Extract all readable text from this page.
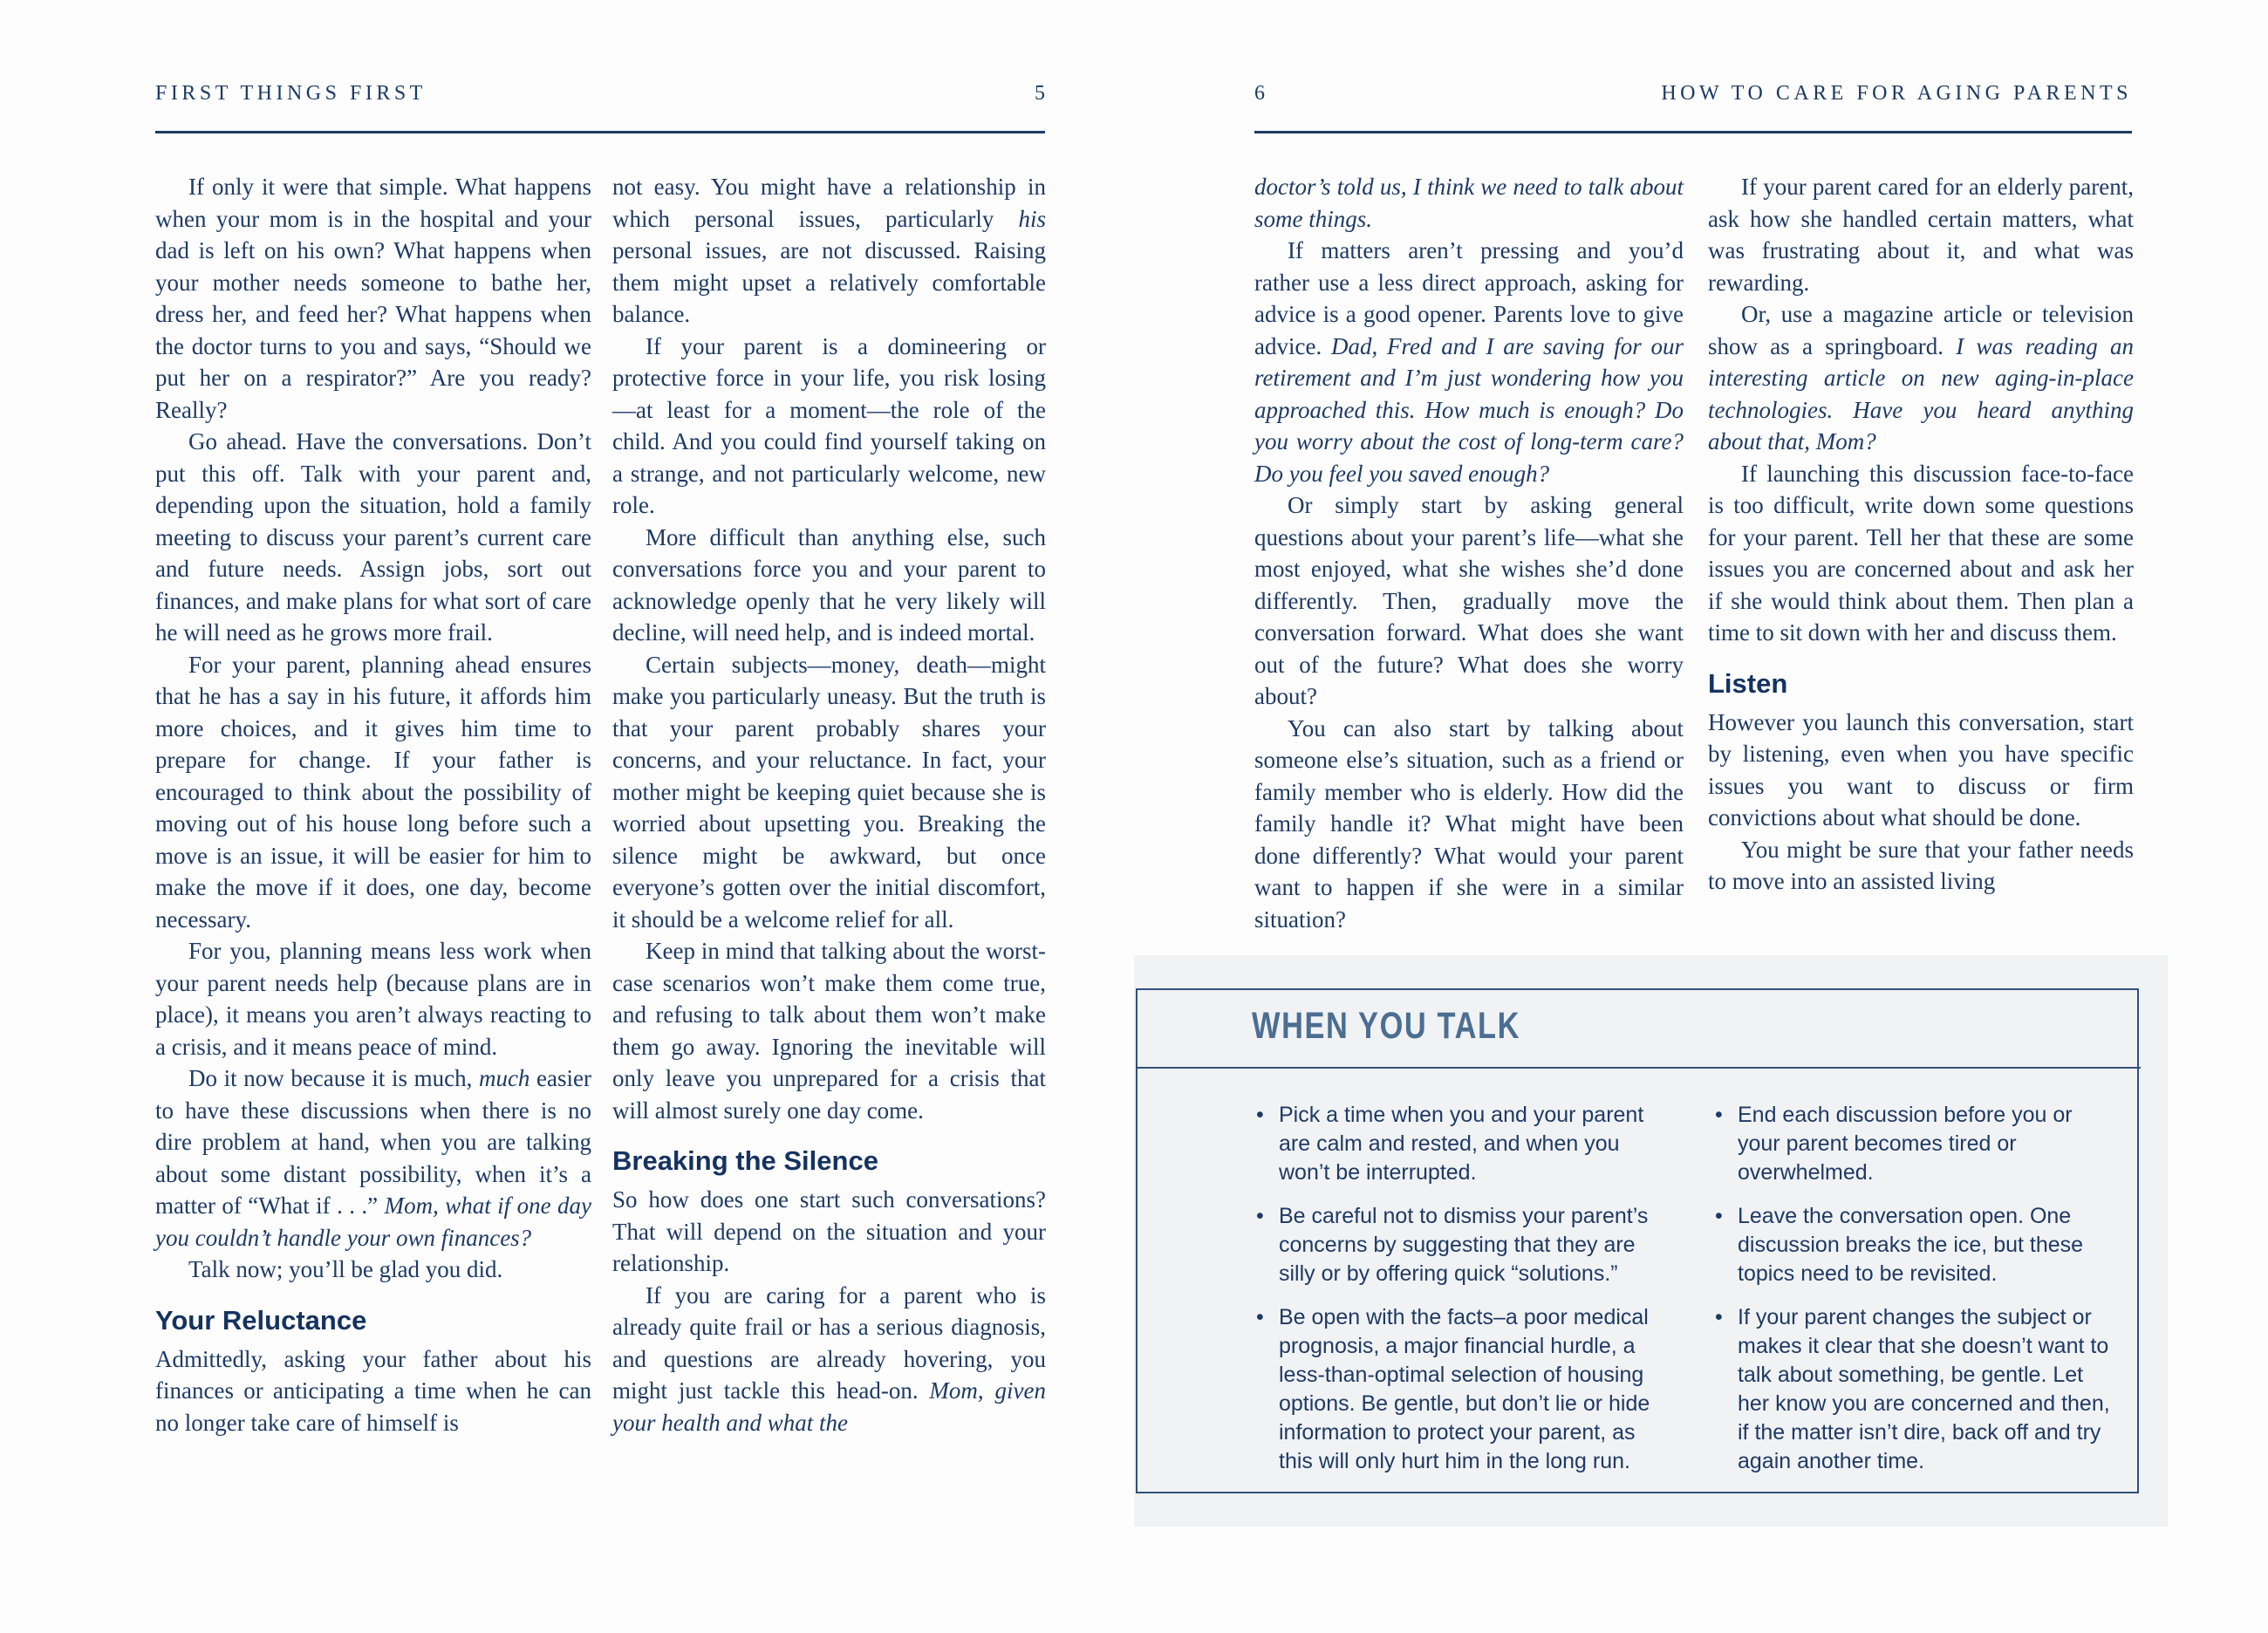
FIRST THINGS FIRST	5	6	HOW TO CARE FOR AGING PARENTS

If only it were that simple. What happens when your mom is in the hospital and your dad is left on his own? What happens when your mother needs someone to bathe her, dress her, and feed her? What happens when the doctor turns to you and says, “Should we put her on a respirator?” Are you ready? Really?

Go ahead. Have the conversations. Don’t put this off. Talk with your parent and, depending upon the situation, hold a family meeting to discuss your parent’s current care and future needs. Assign jobs, sort out finances, and make plans for what sort of care he will need as he grows more frail.

For your parent, planning ahead ensures that he has a say in his future, it affords him more choices, and it gives him time to prepare for change. If your father is encouraged to think about the possibility of moving out of his house long before such a move is an issue, it will be easier for him to make the move if it does, one day, become necessary.

For you, planning means less work when your parent needs help (because plans are in place), it means you aren’t always reacting to a crisis, and it means peace of mind.

Do it now because it is much, much easier to have these discussions when there is no dire problem at hand, when you are talking about some distant possibility, when it’s a matter of “What if . . .” Mom, what if one day you couldn’t handle your own finances?

Talk now; you’ll be glad you did.

Your Reluctance

Admittedly, asking your father about his finances or anticipating a time when he can no longer take care of himself is

not easy. You might have a relationship in which personal issues, particularly his personal issues, are not discussed. Raising them might upset a relatively comfortable balance.

If your parent is a domineering or protective force in your life, you risk losing—at least for a moment—the role of the child. And you could find yourself taking on a strange, and not particularly welcome, new role.

More difficult than anything else, such conversations force you and your parent to acknowledge openly that he very likely will decline, will need help, and is indeed mortal.

Certain subjects—money, death—might make you particularly uneasy. But the truth is that your parent probably shares your concerns, and your reluctance. In fact, your mother might be keeping quiet because she is worried about upsetting you. Breaking the silence might be awkward, but once everyone’s gotten over the initial discomfort, it should be a welcome relief for all.

Keep in mind that talking about the worst-case scenarios won’t make them come true, and refusing to talk about them won’t make them go away. Ignoring the inevitable will only leave you unprepared for a crisis that will almost surely one day come.

Breaking the Silence

So how does one start such conversations? That will depend on the situation and your relationship.

If you are caring for a parent who is already quite frail or has a serious diagnosis, and questions are already hovering, you might just tackle this head-on. Mom, given your health and what the

doctor’s told us, I think we need to talk about some things.

If matters aren’t pressing and you’d rather use a less direct approach, asking for advice is a good opener. Parents love to give advice. Dad, Fred and I are saving for our retirement and I’m just wondering how you approached this. How much is enough? Do you worry about the cost of long-term care? Do you feel you saved enough?

Or simply start by asking general questions about your parent’s life—what she most enjoyed, what she wishes she’d done differently. Then, gradually move the conversation forward. What does she want out of the future? What does she worry about?

You can also start by talking about someone else’s situation, such as a friend or family member who is elderly. How did the family handle it? What might have been done differently? What would your parent want to happen if she were in a similar situation?

If your parent cared for an elderly parent, ask how she handled certain matters, what was frustrating about it, and what was rewarding.

Or, use a magazine article or television show as a springboard. I was reading an interesting article on new aging-in-place technologies. Have you heard anything about that, Mom?

If launching this discussion face-to-face is too difficult, write down some questions for your parent. Tell her that these are some issues you are concerned about and ask her if she would think about them. Then plan a time to sit down with her and discuss them.

Listen

However you launch this conversation, start by listening, even when you have specific issues you want to discuss or firm convictions about what should be done.

You might be sure that your father needs to move into an assisted living

WHEN YOU TALK
• Pick a time when you and your parent are calm and rested, and when you won’t be interrupted.
• Be careful not to dismiss your parent’s concerns by suggesting that they are silly or by offering quick “solutions.”
• Be open with the facts–a poor medical prognosis, a major financial hurdle, a less-than-optimal selection of housing options. Be gentle, but don’t lie or hide information to protect your parent, as this will only hurt him in the long run.
• End each discussion before you or your parent becomes tired or overwhelmed.
• Leave the conversation open. One discussion breaks the ice, but these topics need to be revisited.
• If your parent changes the subject or makes it clear that she doesn’t want to talk about something, be gentle. Let her know you are concerned and then, if the matter isn’t dire, back off and try again another time.
